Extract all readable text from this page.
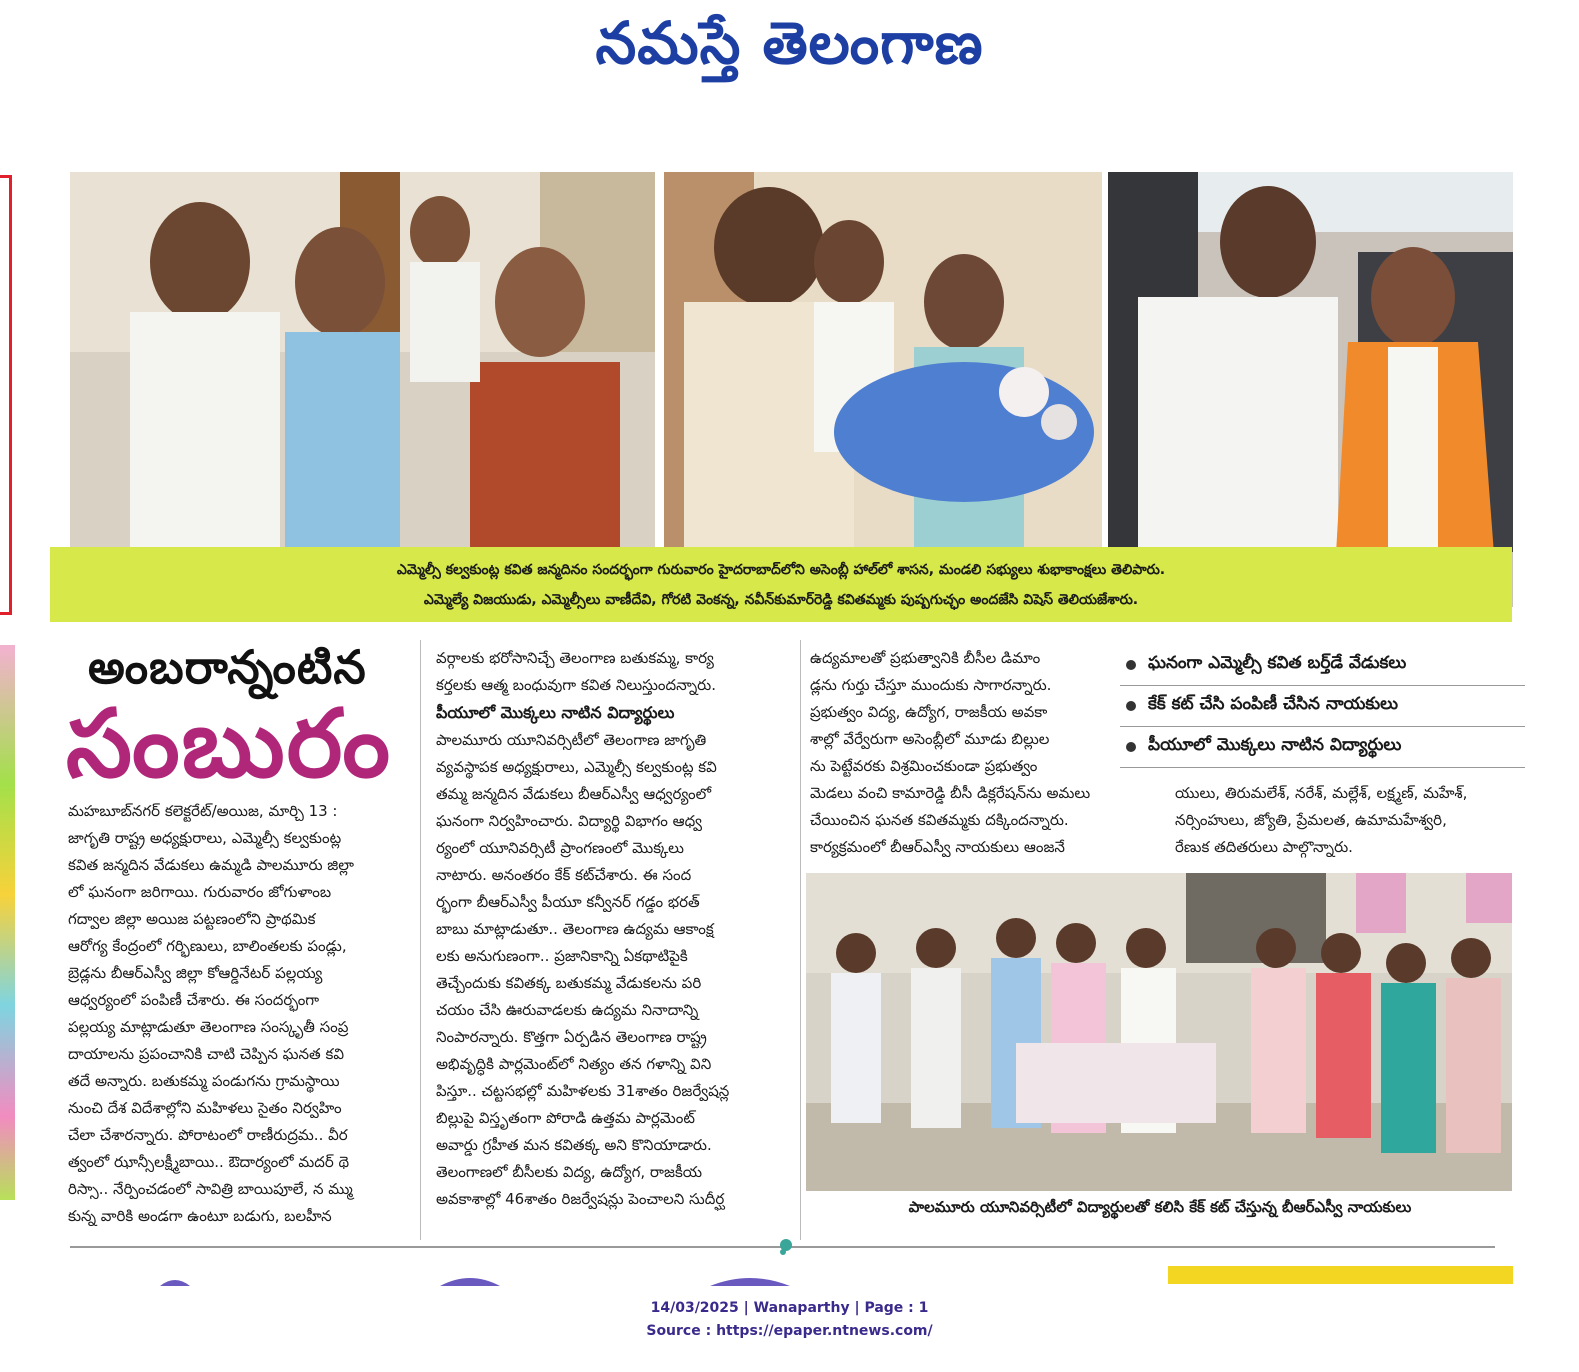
నమస్తే తెలంగాణ

ఎమ్మెల్సీ కల్వకుంట్ల కవిత జన్మదినం సందర్భంగా గురువారం హైదరాబాద్‌లోని అసెంబ్లీ హాల్‌లో శాసన, మండలి సభ్యులు శుభాకాంక్షలు తెలిపారు.

ఎమ్మెల్యే విజయుడు, ఎమ్మెల్సీలు వాణీదేవి, గోరటి వెంకన్న, నవీన్‌కుమార్‌రెడ్డి కవితమ్మకు పుష్పగుచ్ఛం అందజేసి విషెస్ తెలియజేశారు.

అంబరాన్నంటిన
సంబురం

మహబూబ్‌నగర్ కలెక్టరేట్/అయిజ, మార్చి 13 :

జాగృతి రాష్ట్ర అధ్యక్షురాలు, ఎమ్మెల్సీ కల్వకుంట్ల

కవిత జన్మదిన వేడుకలు ఉమ్మడి పాలమూరు జిల్లా

లో ఘనంగా జరిగాయి. గురువారం జోగుళాంబ

గద్వాల జిల్లా అయిజ పట్టణంలోని ప్రాథమిక

ఆరోగ్య కేంద్రంలో గర్భిణులు, బాలింతలకు పండ్లు,

బ్రెడ్లను బీఆర్‌ఎస్వీ జిల్లా కోఆర్డినేటర్ పల్లయ్య

ఆధ్వర్యంలో పంపిణీ చేశారు. ఈ సందర్భంగా

పల్లయ్య మాట్లాడుతూ తెలంగాణ సంస్కృతీ సంప్ర

దాయాలను ప్రపంచానికి చాటి చెప్పిన ఘనత కవి

తదే అన్నారు. బతుకమ్మ పండుగను గ్రామస్థాయి

నుంచి దేశ విదేశాల్లోని మహిళలు సైతం నిర్వహిం

చేలా చేశారన్నారు. పోరాటంలో రాణీరుద్రమ.. వీర

త్వంలో ఝాన్సీలక్ష్మీబాయి.. ఔదార్యంలో మదర్ థె

రిస్సా.. నేర్పించడంలో సావిత్రి బాయిపూలే, న మ్ము

కున్న వారికి అండగా ఉంటూ బడుగు, బలహీన

వర్గాలకు భరోసానిచ్చే తెలంగాణ బతుకమ్మ, కార్య

కర్తలకు ఆత్మ బంధువుగా కవిత నిలుస్తుందన్నారు.

పీయూలో మొక్కలు నాటిన విద్యార్థులు

పాలమూరు యూనివర్సిటీలో తెలంగాణ జాగృతి

వ్యవస్థాపక అధ్యక్షురాలు, ఎమ్మెల్సీ కల్వకుంట్ల కవి

తమ్మ జన్మదిన వేడుకలు బీఆర్‌ఎస్వీ ఆధ్వర్యంలో

ఘనంగా నిర్వహించారు. విద్యార్థి విభాగం ఆధ్వ

ర్యంలో యూనివర్సిటీ ప్రాంగణంలో మొక్కలు

నాటారు. అనంతరం కేక్ కట్‌చేశారు. ఈ సంద

ర్భంగా బీఆర్‌ఎస్వీ పీయూ కన్వీనర్ గడ్డం భరత్

బాబు మాట్లాడుతూ.. తెలంగాణ ఉద్యమ ఆకాంక్ష

లకు అనుగుణంగా.. ప్రజానికాన్ని ఏకథాటిపైకి

తెచ్చేందుకు కవితక్క బతుకమ్మ వేడుకలను పరి

చయం చేసి ఊరువాడలకు ఉద్యమ నినాదాన్ని

నింపారన్నారు. కొత్తగా ఏర్పడిన తెలంగాణ రాష్ట్ర

అభివృద్ధికి పార్లమెంట్‌లో నిత్యం తన గళాన్ని విని

పిస్తూ.. చట్టసభల్లో మహిళలకు 31శాతం రిజర్వేషన్ల

బిల్లుపై విస్తృతంగా పోరాడి ఉత్తమ పార్లమెంట్

అవార్డు గ్రహీత మన కవితక్క అని కొనియాడారు.

తెలంగాణలో బీసీలకు విద్య, ఉద్యోగ, రాజకీయ

అవకాశాల్లో 46శాతం రిజర్వేషన్లు పెంచాలని సుదీర్ఘ

ఉద్యమాలతో ప్రభుత్వానికి బీసీల డిమాం

డ్లను గుర్తు చేస్తూ ముందుకు సాగారన్నారు.

ప్రభుత్వం విద్య, ఉద్యోగ, రాజకీయ అవకా

శాల్లో వేర్వేరుగా అసెంబ్లీలో మూడు బిల్లుల

ను పెట్టేవరకు విశ్రమించకుండా ప్రభుత్వం

మెడలు వంచి కామారెడ్డి బీసీ డిక్లరేషన్‌ను అమలు

చేయించిన ఘనత కవితమ్మకు దక్కిందన్నారు.

కార్యక్రమంలో బీఆర్‌ఎస్వీ నాయకులు ఆంజనే

ఘనంగా ఎమ్మెల్సీ కవిత బర్త్‌డే వేడుకలు
కేక్ కట్ చేసి పంపిణీ చేసిన నాయకులు
పీయూలో మొక్కలు నాటిన విద్యార్థులు

యులు, తిరుమలేశ్, నరేశ్, మల్లేశ్, లక్ష్మణ్, మహేశ్,

నర్సింహులు, జ్యోతి, ప్రేమలత, ఉమామహేశ్వరి,

రేణుక తదితరులు పాల్గొన్నారు.

పాలమూరు యూనివర్సిటీలో విద్యార్థులతో కలిసి కేక్ కట్ చేస్తున్న బీఆర్‌ఎస్వీ నాయకులు
14/03/2025 | Wanaparthy | Page : 1
Source : https://epaper.ntnews.com/
